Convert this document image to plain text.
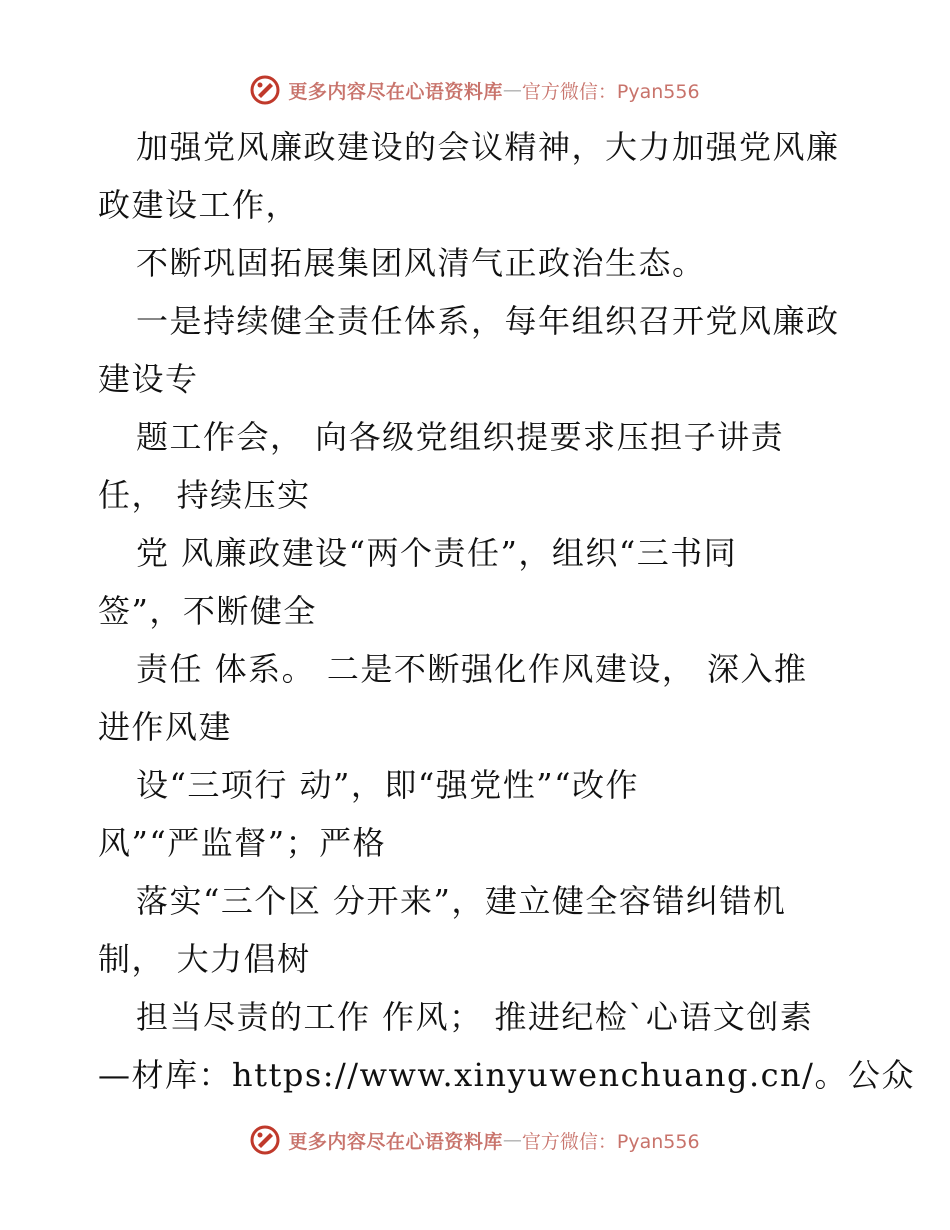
更多内容尽在心语资料库 — 官方微信：Pyan556
加强党风廉政建设的会议精神，大力加强党风廉
政建设工作，
不断巩固拓展集团风清气正政治生态。
一是持续健全责任体系，每年组织召开党风廉政
建设专
题工作会， 向各级党组织提要求压担子讲责
任， 持续压实
党 风廉政建设“两个责任”，组织“三书同
签”，不断健全
责任 体系。 二是不断强化作风建设， 深入推
进作风建
设“三项行 动”，即“强党性”“改作
风”“严监督”；严格
落实“三个区 分开来”，建立健全容错纠错机
制， 大力倡树
担当尽责的工作 作风； 推进纪检ˋ心语文创素
—材库：https://www.xinyuwenchuang.cn/。公众
更多内容尽在心语资料库 — 官方微信：Pyan556
